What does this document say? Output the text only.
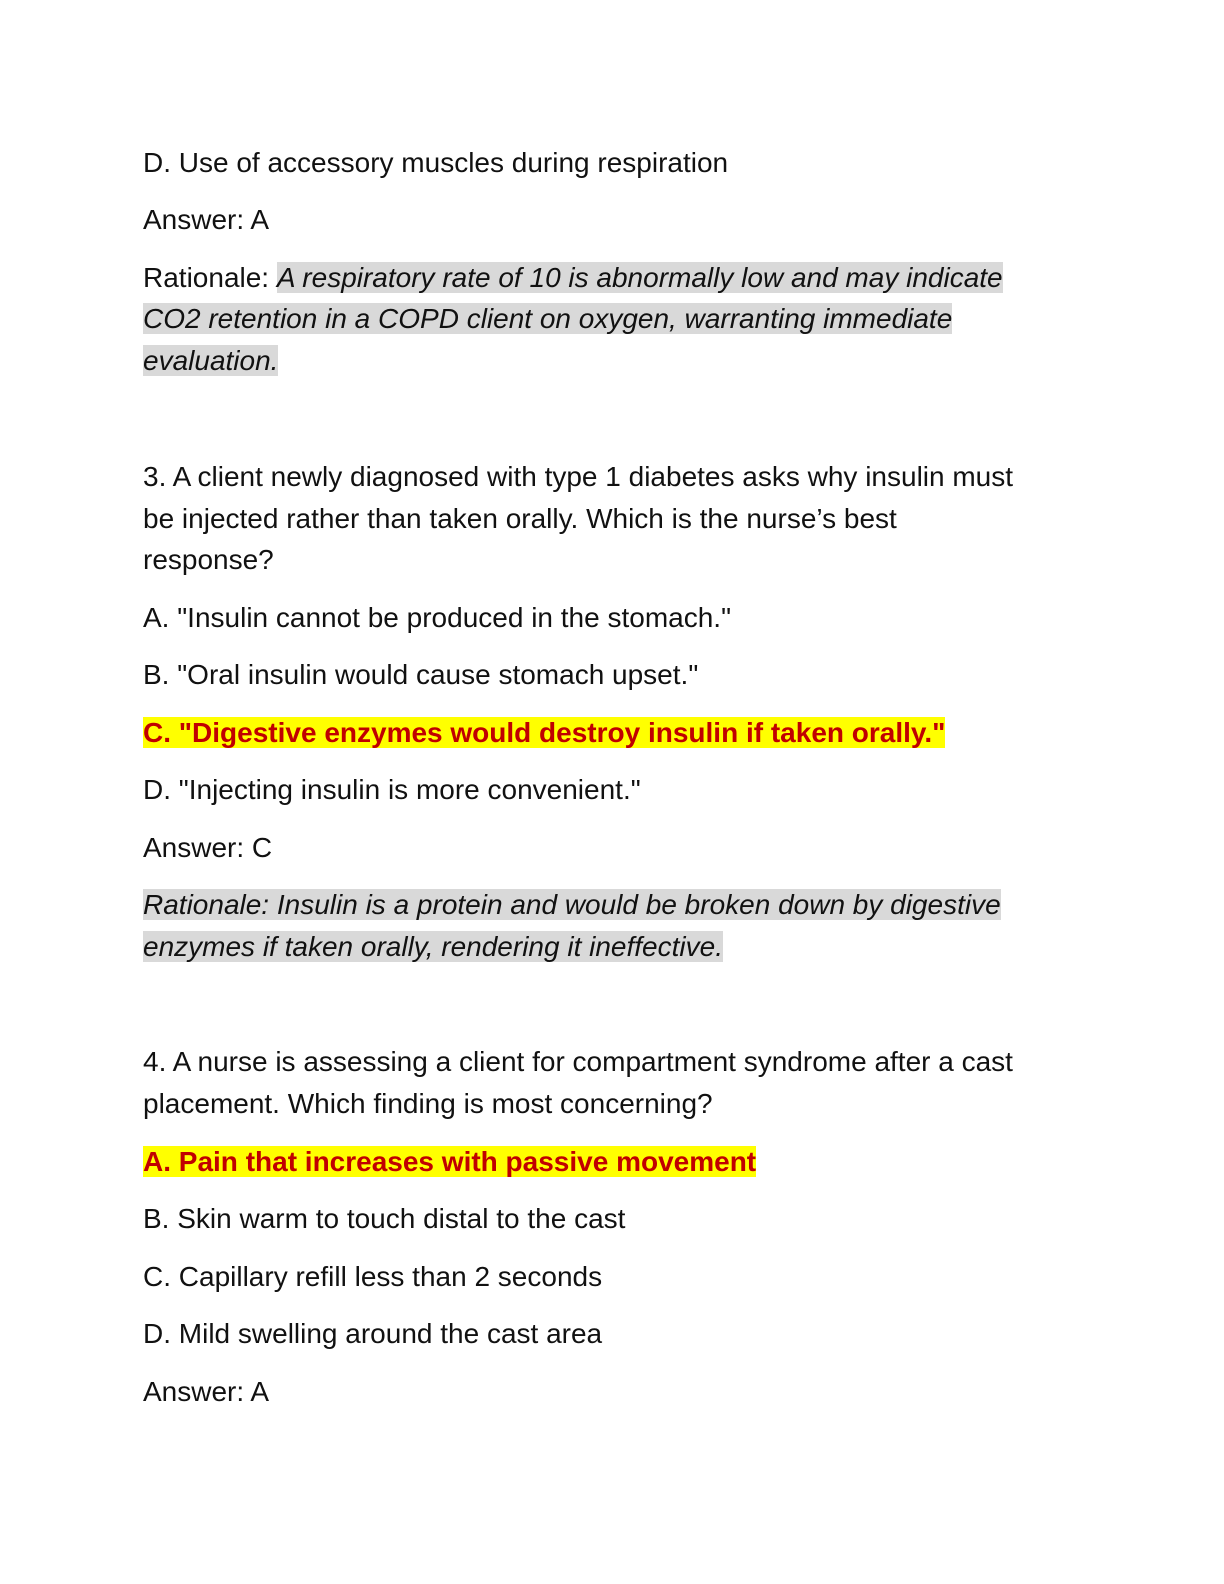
D. Use of accessory muscles during respiration

Answer: A

Rationale: A respiratory rate of 10 is abnormally low and may indicate

CO2 retention in a COPD client on oxygen, warranting immediate

evaluation.

3. A client newly diagnosed with type 1 diabetes asks why insulin must

be injected rather than taken orally. Which is the nurse’s best

response?

A. "Insulin cannot be produced in the stomach."

B. "Oral insulin would cause stomach upset."

C. "Digestive enzymes would destroy insulin if taken orally."

D. "Injecting insulin is more convenient."

Answer: C

Rationale: Insulin is a protein and would be broken down by digestive

enzymes if taken orally, rendering it ineffective.

4. A nurse is assessing a client for compartment syndrome after a cast

placement. Which finding is most concerning?

A. Pain that increases with passive movement

B. Skin warm to touch distal to the cast

C. Capillary refill less than 2 seconds

D. Mild swelling around the cast area

Answer: A
